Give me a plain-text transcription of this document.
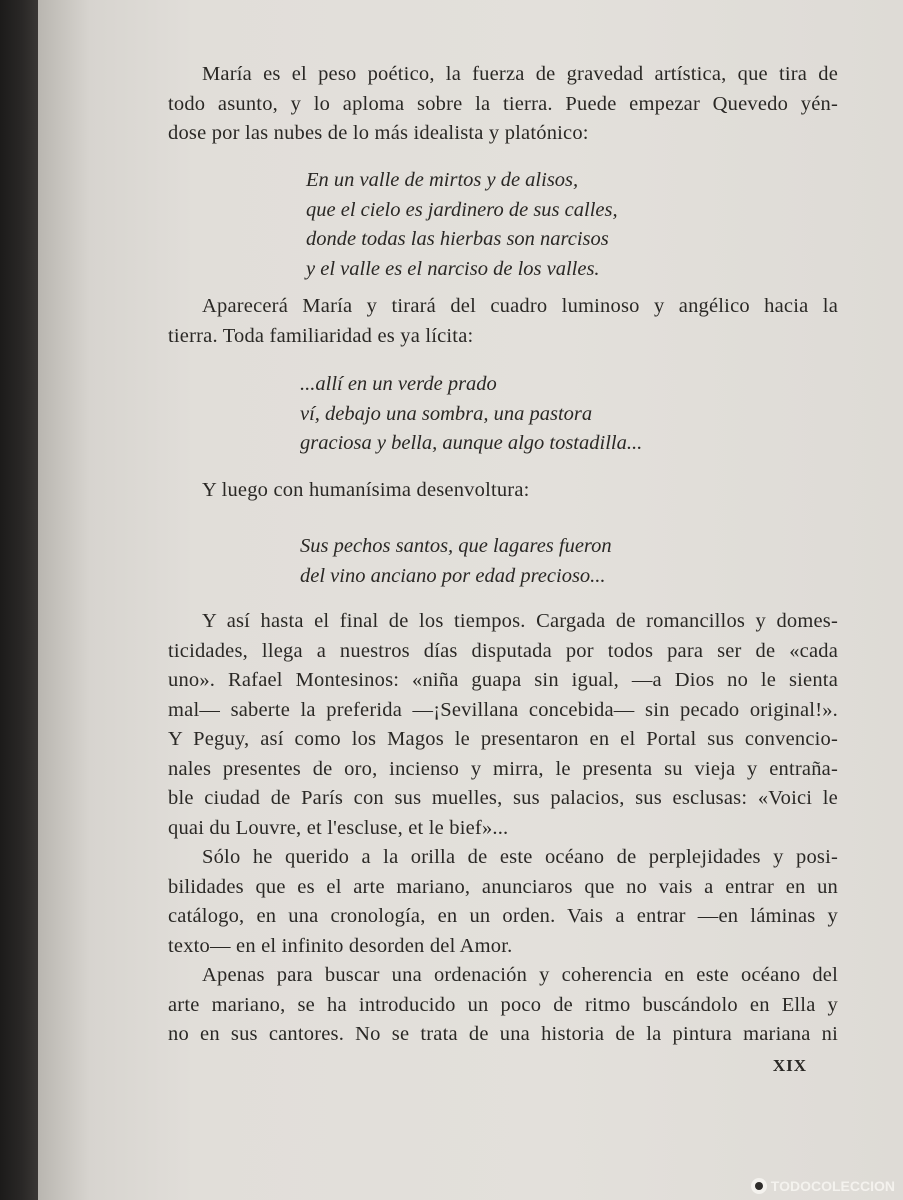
María es el peso poético, la fuerza de gravedad artística, que tira de
todo asunto, y lo aploma sobre la tierra. Puede empezar Quevedo yén-
dose por las nubes de lo más idealista y platónico:

En un valle de mirtos y de alisos,
que el cielo es jardinero de sus calles,
donde todas las hierbas son narcisos
y el valle es el narciso de los valles.

Aparecerá María y tirará del cuadro luminoso y angélico hacia la
tierra. Toda familiaridad es ya lícita:

...allí en un verde prado
ví, debajo una sombra, una pastora
graciosa y bella, aunque algo tostadilla...

Y luego con humanísima desenvoltura:

Sus pechos santos, que lagares fueron
del vino anciano por edad precioso...

Y así hasta el final de los tiempos. Cargada de romancillos y domes-
ticidades, llega a nuestros días disputada por todos para ser de «cada
uno». Rafael Montesinos: «niña guapa sin igual, —a Dios no le sienta
mal— saberte la preferida —¡Sevillana concebida— sin pecado original!».
Y Peguy, así como los Magos le presentaron en el Portal sus convencio-
nales presentes de oro, incienso y mirra, le presenta su vieja y entraña-
ble ciudad de París con sus muelles, sus palacios, sus esclusas: «Voici le
quai du Louvre, et l'escluse, et le bief»...

Sólo he querido a la orilla de este océano de perplejidades y posi-
bilidades que es el arte mariano, anunciaros que no vais a entrar en un
catálogo, en una cronología, en un orden. Vais a entrar —en láminas y
texto— en el infinito desorden del Amor.

Apenas para buscar una ordenación y coherencia en este océano del
arte mariano, se ha introducido un poco de ritmo buscándolo en Ella y
no en sus cantores. No se trata de una historia de la pintura mariana ni

XIX
TODOCOLECCION
